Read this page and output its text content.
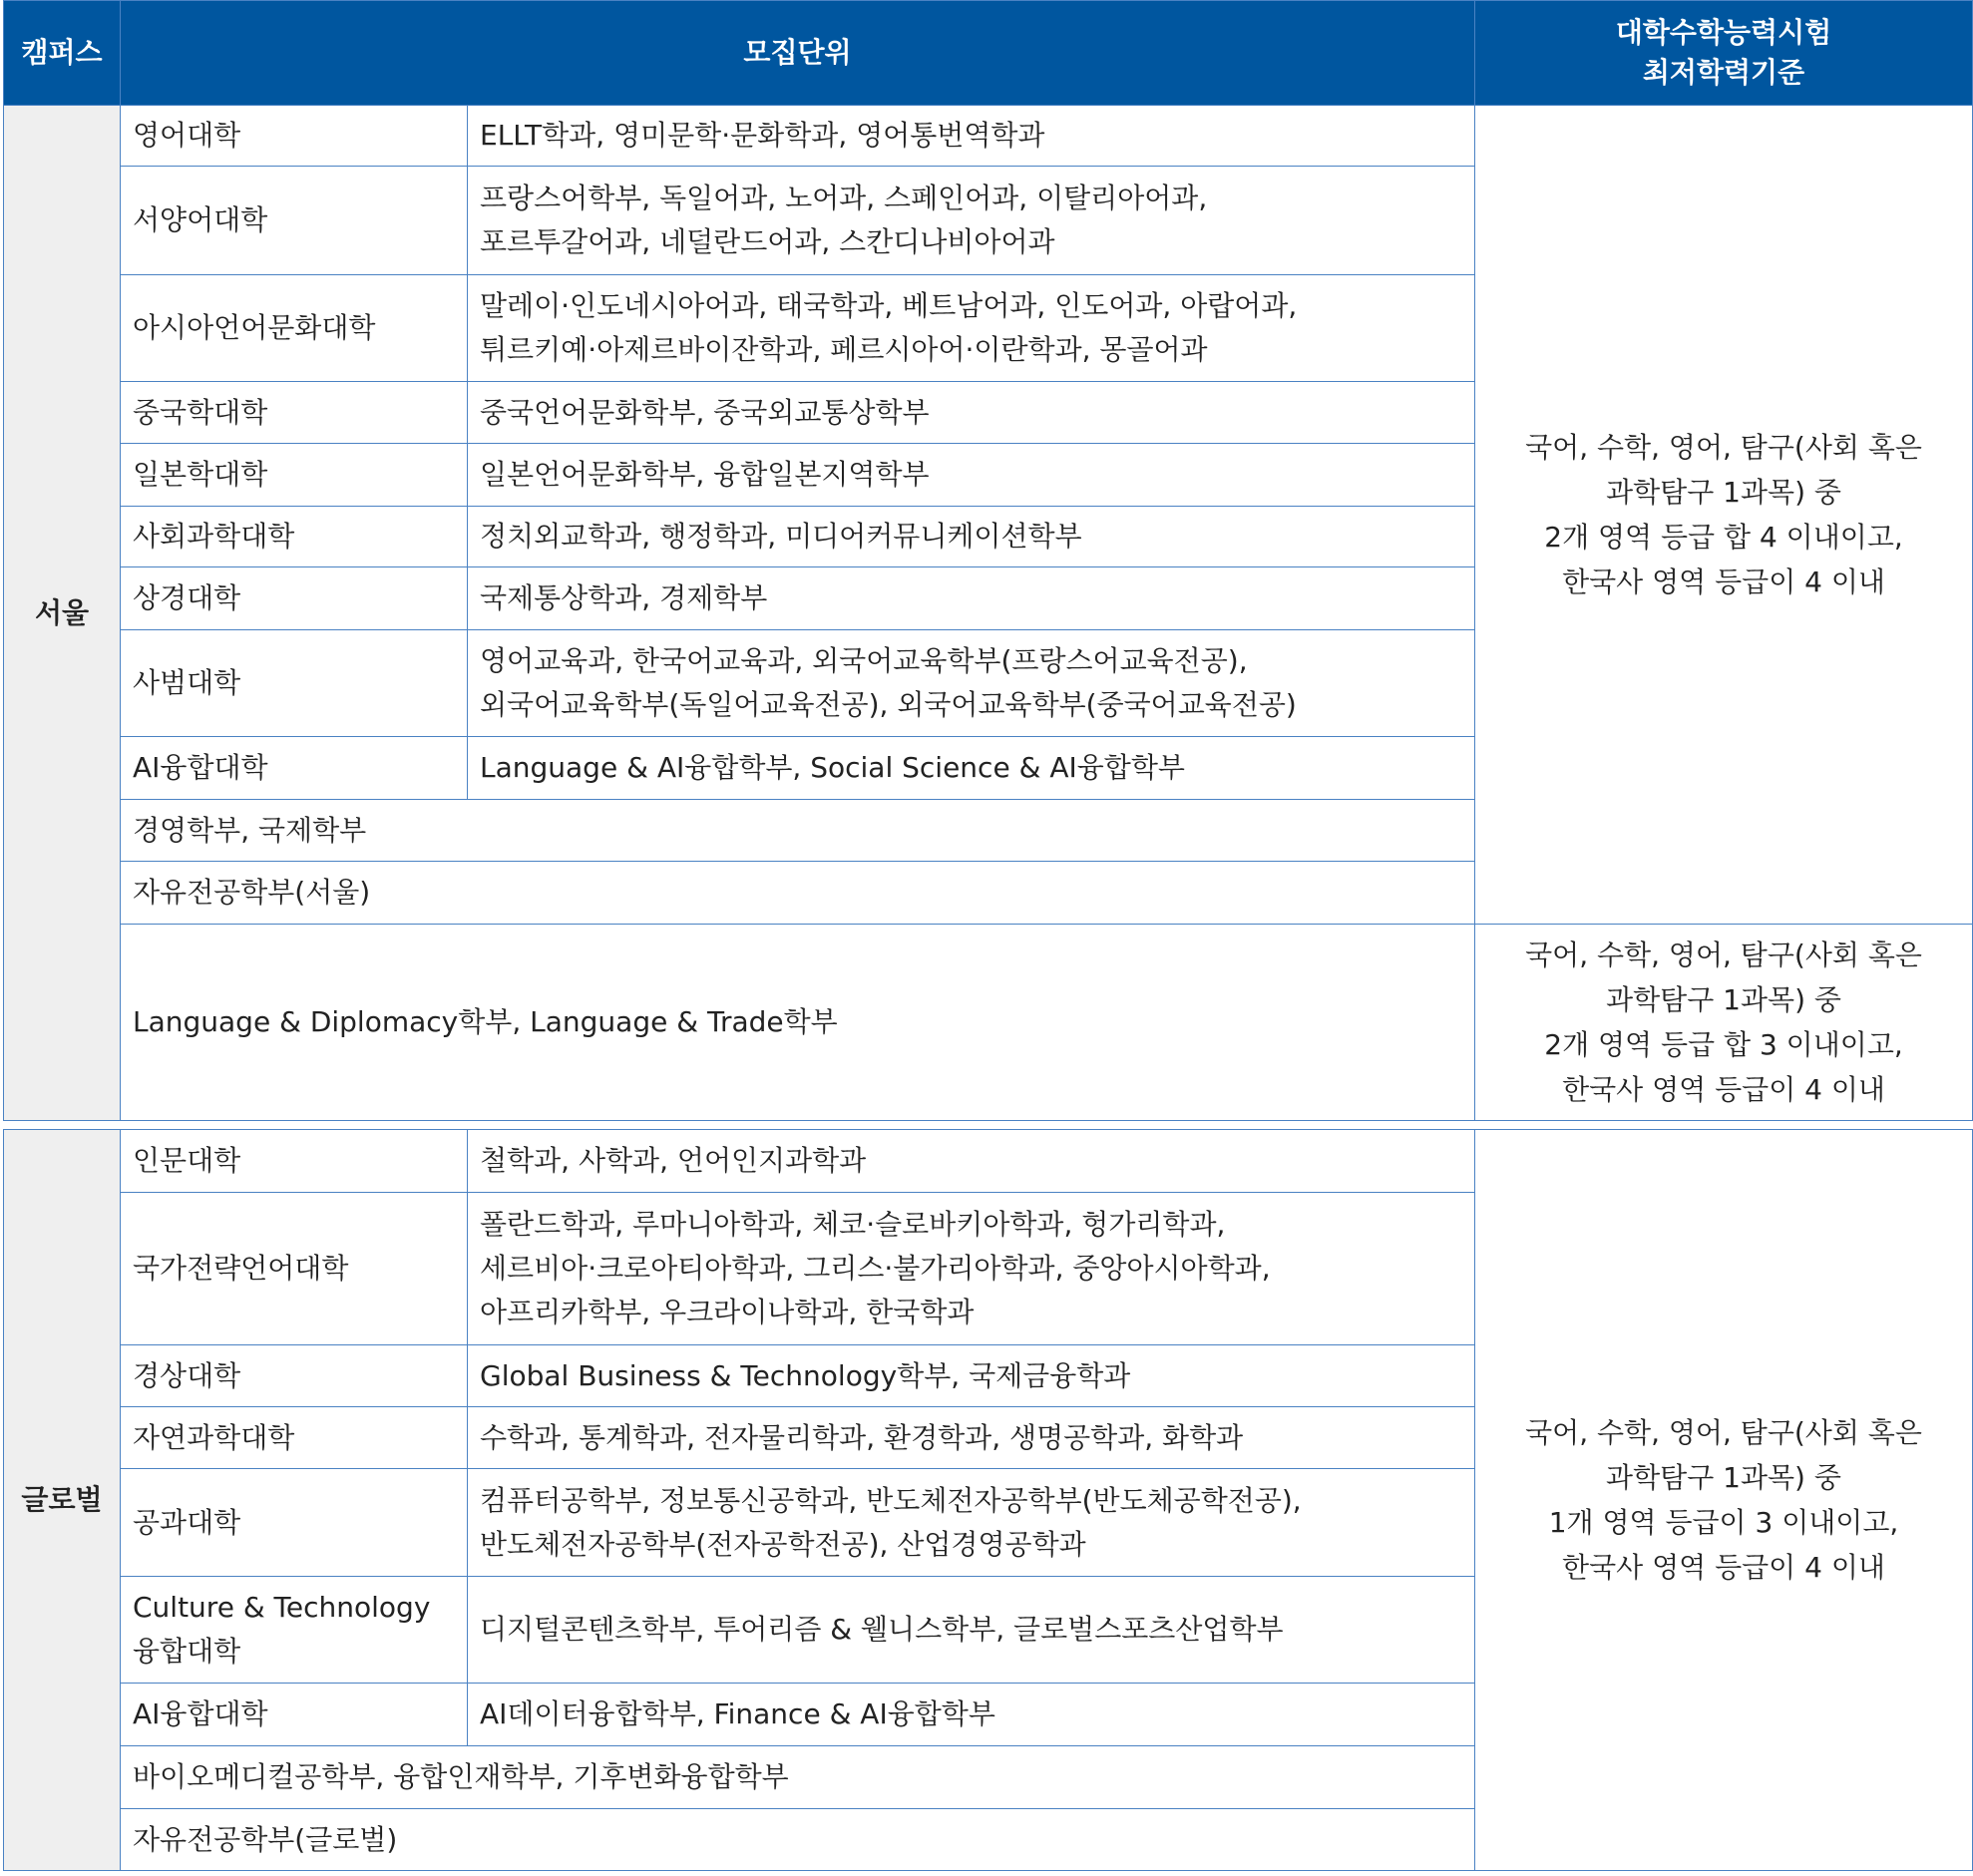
캠퍼스	모집단위		대학수학능력시험
최저학력기준
서울	영어대학	ELLT학과, 영미문학·문화학과, 영어통번역학과	국어, 수학, 영어, 탐구(사회 혹은
과학탐구 1과목) 중
2개 영역 등급 합 4 이내이고,
한국사 영역 등급이 4 이내
	서양어대학	프랑스어학부, 독일어과, 노어과, 스페인어과, 이탈리아어과,
포르투갈어과, 네덜란드어과, 스칸디나비아어과	
	아시아언어문화대학	말레이·인도네시아어과, 태국학과, 베트남어과, 인도어과, 아랍어과,
튀르키예·아제르바이잔학과, 페르시아어·이란학과, 몽골어과	
	중국학대학	중국언어문화학부, 중국외교통상학부	
	일본학대학	일본언어문화학부, 융합일본지역학부	
	사회과학대학	정치외교학과, 행정학과, 미디어커뮤니케이션학부	
	상경대학	국제통상학과, 경제학부	
	사범대학	영어교육과, 한국어교육과, 외국어교육학부(프랑스어교육전공),
외국어교육학부(독일어교육전공), 외국어교육학부(중국어교육전공)	
	AI융합대학	Language & AI융합학부, Social Science & AI융합학부	
	경영학부, 국제학부		
	자유전공학부(서울)		
	Language & Diplomacy학부, Language & Trade학부		국어, 수학, 영어, 탐구(사회 혹은
과학탐구 1과목) 중
2개 영역 등급 합 3 이내이고,
한국사 영역 등급이 4 이내
글로벌	인문대학	철학과, 사학과, 언어인지과학과	국어, 수학, 영어, 탐구(사회 혹은
과학탐구 1과목) 중
1개 영역 등급이 3 이내이고,
한국사 영역 등급이 4 이내
	국가전략언어대학	폴란드학과, 루마니아학과, 체코·슬로바키아학과, 헝가리학과,
세르비아·크로아티아학과, 그리스·불가리아학과, 중앙아시아학과,
아프리카학부, 우크라이나학과, 한국학과	
	경상대학	Global Business & Technology학부, 국제금융학과	
	자연과학대학	수학과, 통계학과, 전자물리학과, 환경학과, 생명공학과, 화학과	
	공과대학	컴퓨터공학부, 정보통신공학과, 반도체전자공학부(반도체공학전공),
반도체전자공학부(전자공학전공), 산업경영공학과	
	Culture & Technology
융합대학	디지털콘텐츠학부, 투어리즘 & 웰니스학부, 글로벌스포츠산업학부	
	AI융합대학	AI데이터융합학부, Finance & AI융합학부	
	바이오메디컬공학부, 융합인재학부, 기후변화융합학부		
	자유전공학부(글로벌)		
